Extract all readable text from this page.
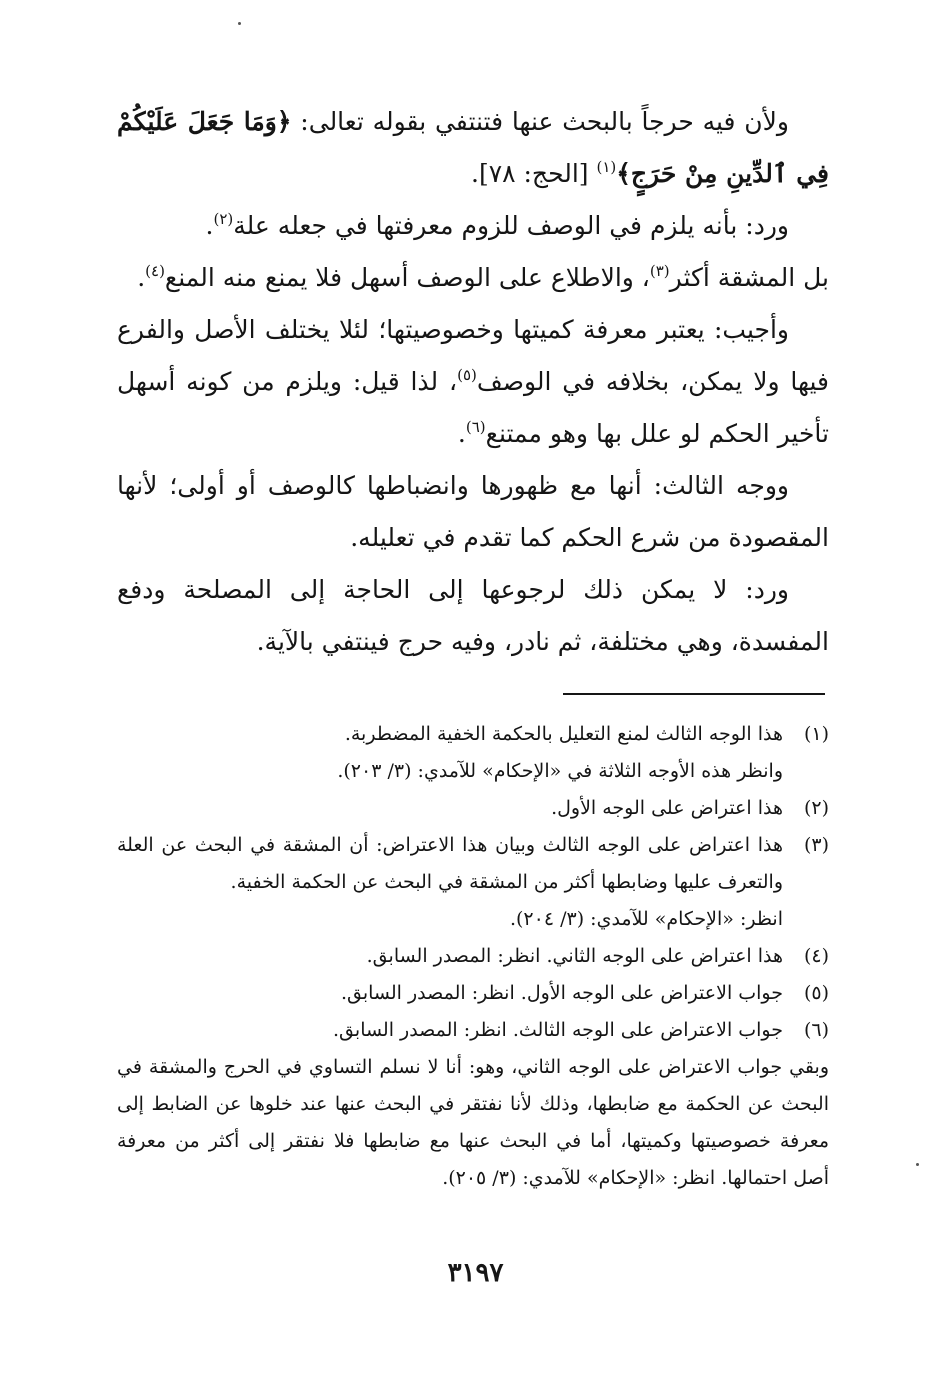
ولأن فيه حرجاً بالبحث عنها فتنتفي بقوله تعالى: ﴿وَمَا جَعَلَ عَلَيْكُمْ فِي ٱلدِّينِ مِنْ حَرَجٍ﴾$^{(١)}$ [الحج: ٧٨].

ورد: بأنه يلزم في الوصف للزوم معرفتها في جعله علة$^{(٢)}$.

بل المشقة أكثر$^{(٣)}$، والاطلاع على الوصف أسهل فلا يمنع منه المنع$^{(٤)}$.

وأجيب: يعتبر معرفة كميتها وخصوصيتها؛ لئلا يختلف الأصل والفرع فيها ولا يمكن، بخلافه في الوصف$^{(٥)}$، لذا قيل: ويلزم من كونه أسهل تأخير الحكم لو علل بها وهو ممتنع$^{(٦)}$.

ووجه الثالث: أنها مع ظهورها وانضباطها كالوصف أو أولى؛ لأنها المقصودة من شرع الحكم كما تقدم في تعليله.

ورد: لا يمكن ذلك لرجوعها إلى الحاجة إلى المصلحة ودفع المفسدة، وهي مختلفة، ثم نادر، وفيه حرج فينتفي بالآية.

(١)
هذا الوجه الثالث لمنع التعليل بالحكمة الخفية المضطربة.
وانظر هذه الأوجه الثلاثة في «الإحكام» للآمدي: (٣/ ٢٠٣).
(٢)
هذا اعتراض على الوجه الأول.
(٣)
هذا اعتراض على الوجه الثالث وبيان هذا الاعتراض: أن المشقة في البحث عن العلة والتعرف عليها وضابطها أكثر من المشقة في البحث عن الحكمة الخفية.
انظر: «الإحكام» للآمدي: (٣/ ٢٠٤).
(٤)
هذا اعتراض على الوجه الثاني. انظر: المصدر السابق.
(٥)
جواب الاعتراض على الوجه الأول. انظر: المصدر السابق.
(٦)
جواب الاعتراض على الوجه الثالث. انظر: المصدر السابق.
وبقي جواب الاعتراض على الوجه الثاني، وهو: أنا لا نسلم التساوي في الحرج والمشقة في البحث عن الحكمة مع ضابطها، وذلك لأنا نفتقر في البحث عنها عند خلوها عن الضابط إلى معرفة خصوصيتها وكميتها، أما في البحث عنها مع ضابطها فلا نفتقر إلى أكثر من معرفة أصل احتمالها. انظر: «الإحكام» للآمدي: (٣/ ٢٠٥).
٣١٩٧
